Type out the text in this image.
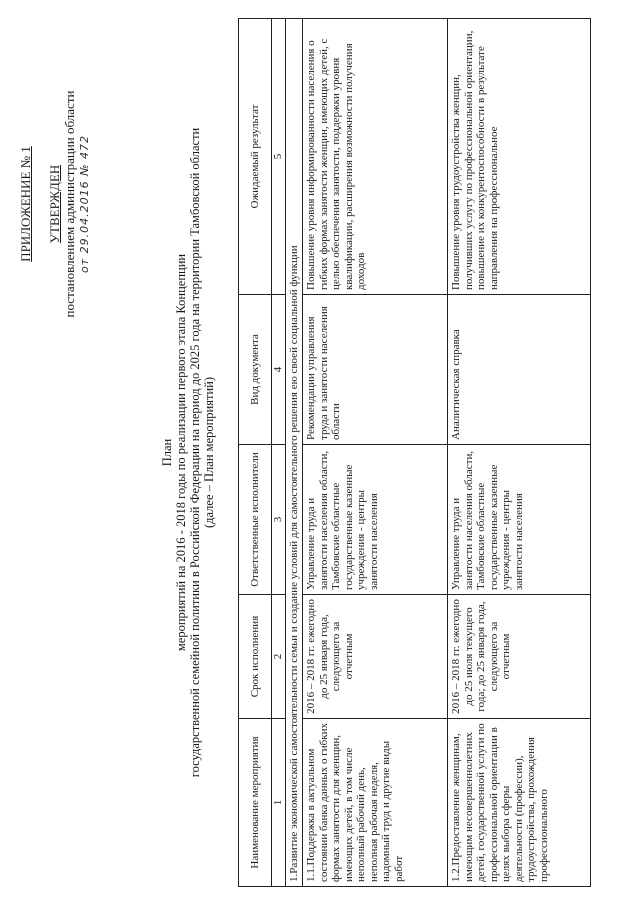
ПРИЛОЖЕНИЕ № 1 УТВЕРЖДЕН постановлением администрации области от 29.04.2016 № 472
План мероприятий на 2016 - 2018 годы по реализации первого этапа Концепции государственной семейной политики в Российской Федерации на период до 2025 года на территории Тамбовской области (далее – План мероприятий)
Наименование мероприятия	Срок исполнения	Ответственные исполнители	Вид документа	Ожидаемый результат
1	2	3	4	5
1.Развитие экономической самостоятельности семьи и создание условий для самостоятельного решения ею своей социальной функции				
1.1.Поддержка в актуальном состоянии банка данных о гибких формах занятости для женщин, имеющих детей, в том числе неполный рабочий день, неполная рабочая неделя, надомный труд и другие виды работ	2016 – 2018 гг. ежегодно до 25 января года, следующего за отчетным	Управление труда и занятости населения области, Тамбовские областные государственные казенные учреждения - центры занятости населения	Рекомендации управления труда и занятости населения области	Повышение уровня информированности населения о гибких формах занятости женщин, имеющих детей, с целью обеспечения занятости, поддержки уровня квалификации, расширения возможности получения доходов
1.2.Предоставление женщинам, имеющим несовершеннолетних детей, государственной услуги по профессиональной ориентации в целях выбора сферы деятельности (профессии), трудоустройства, прохождения профессионального	2016 – 2018 гг. ежегодно до 25 июля текущего года; до 25 января года, следующего за отчетным	Управление труда и занятости населения области, Тамбовские областные государственные казенные учреждения - центры занятости населения	Аналитическая справка	Повышение уровня трудоустройства женщин, получивших услугу по профессиональной ориентации, повышение их конкурентоспособности в результате направления на профессиональное
